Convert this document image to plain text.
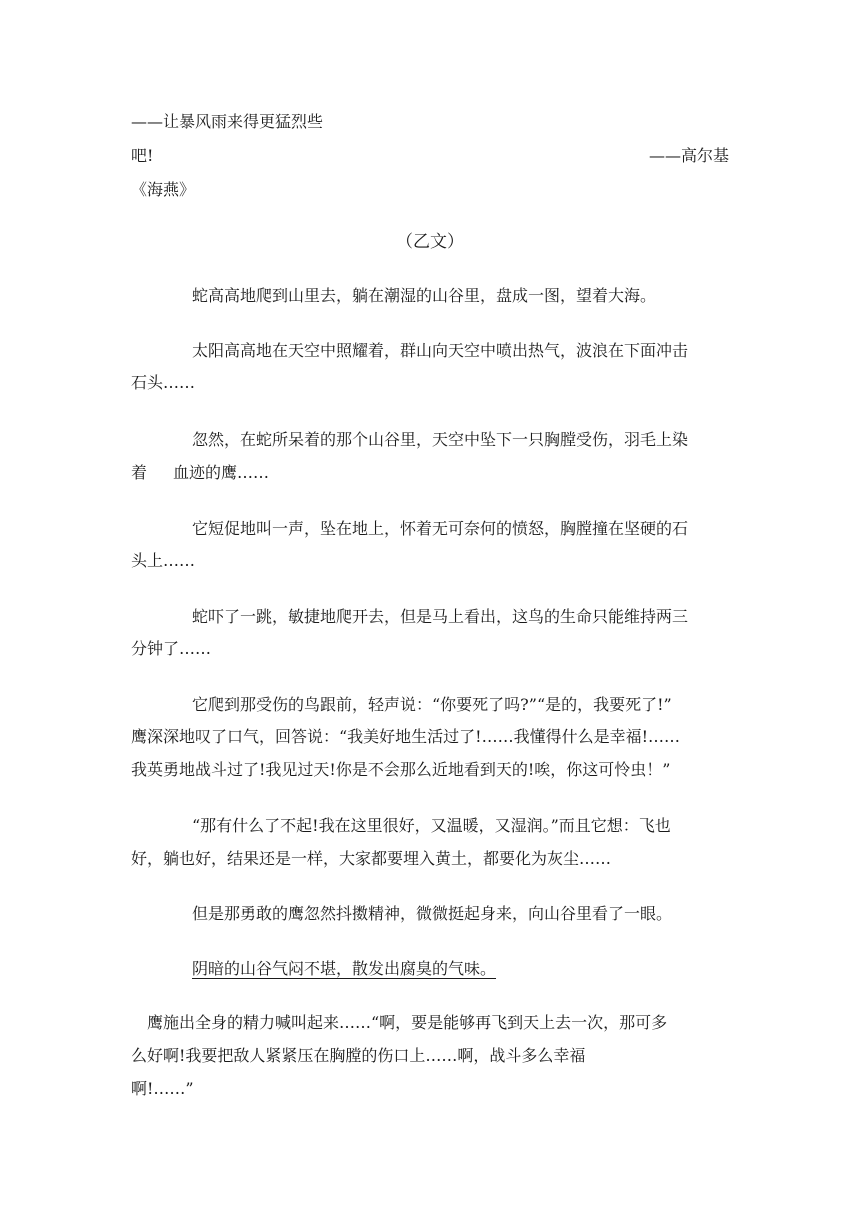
——让暴风雨来得更猛烈些
吧!	——高尔基
《海燕》
（乙文）
蛇高高地爬到山里去，躺在潮湿的山谷里，盘成一图，望着大海。
太阳高高地在天空中照耀着，群山向天空中喷出热气，波浪在下面冲击
石头……
忽然，在蛇所呆着的那个山谷里，天空中坠下一只胸膛受伤，羽毛上染
着 血迹的鹰……
它短促地叫一声，坠在地上，怀着无可奈何的愤怒，胸膛撞在坚硬的石
头上……
蛇吓了一跳，敏捷地爬开去，但是马上看出，这鸟的生命只能维持两三
分钟了……
它爬到那受伤的鸟跟前，轻声说：“你要死了吗?”“是的，我要死了!”
鹰深深地叹了口气，回答说：“我美好地生活过了!……我懂得什么是幸福!……
我英勇地战斗过了!我见过天!你是不会那么近地看到天的!唉，你这可怜虫！”
“那有什么了不起!我在这里很好，又温暖，又湿润。”而且它想：飞也
好，躺也好，结果还是一样，大家都要埋入黄土，都要化为灰尘……
但是那勇敢的鹰忽然抖擞精神，微微挺起身来，向山谷里看了一眼。
阴暗的山谷气闷不堪，散发出腐臭的气味。
鹰施出全身的精力喊叫起来……“啊，要是能够再飞到天上去一次，那可多
么好啊!我要把敌人紧紧压在胸膛的伤口上……啊，战斗多么幸福
啊!……”
